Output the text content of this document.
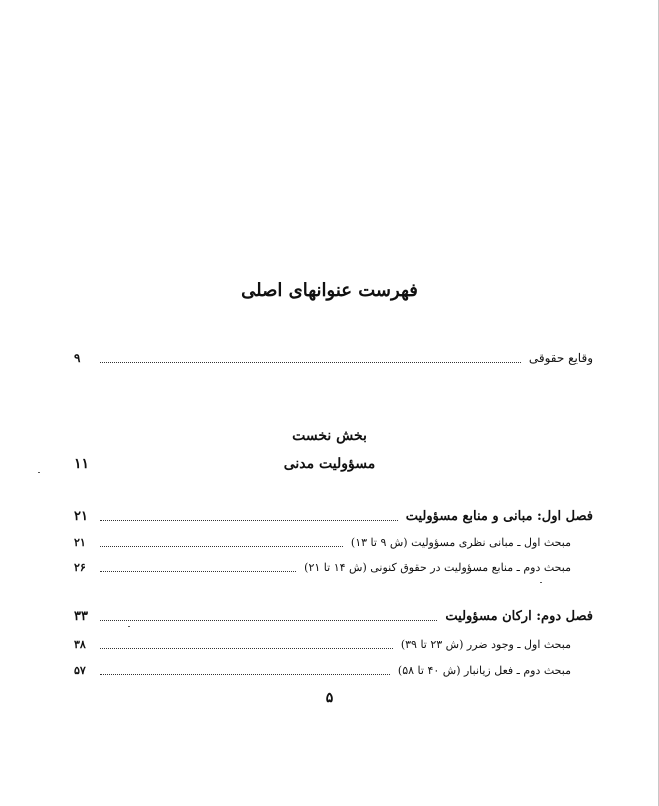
فهرست عنوانهای اصلی
وقایع حقوقی
۹
بخش نخست
مسؤولیت مدنی
۱۱
فصل اول: مبانی و منابع مسؤولیت
۲۱
مبحث اول ـ مبانی نظری مسؤولیت (ش ۹ تا ۱۳)
۲۱
مبحث دوم ـ منابع مسؤولیت در حقوق کنونی (ش ۱۴ تا ۲۱)
۲۶
فصل دوم: ارکان مسؤولیت
۳۳
مبحث اول ـ وجود ضرر (ش ۲۳ تا ۳۹)
۳۸
مبحث دوم ـ فعل زیانبار (ش ۴۰ تا ۵۸)
۵۷
۵
